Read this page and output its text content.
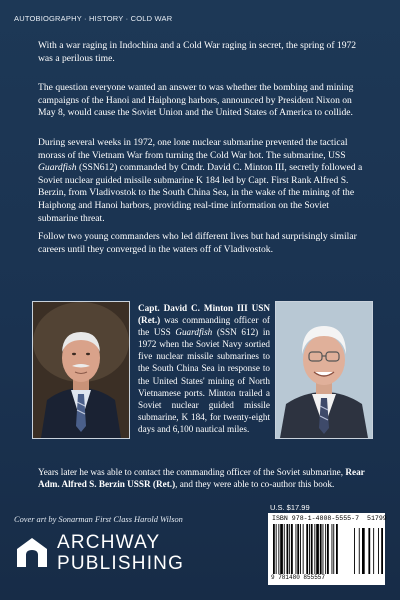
AUTOBIOGRAPHY · HISTORY · COLD WAR

With a war raging in Indochina and a Cold War raging in secret, the spring of 1972 was a perilous time.

The question everyone wanted an answer to was whether the bombing and mining campaigns of the Hanoi and Haiphong harbors, announced by President Nixon on May 8, would cause the Soviet Union and the United States of America to collide.

During several weeks in 1972, one lone nuclear submarine prevented the tactical morass of the Vietnam War from turning the Cold War hot. The submarine, USS Guardfish (SSN612) commanded by Cmdr. David C. Minton III, secretly followed a Soviet nuclear guided missile submarine K 184 led by Capt. First Rank Alfred S. Berzin, from Vladivostok to the South China Sea, in the wake of the mining of the Haiphong and Hanoi harbors, providing real-time information on the Soviet submarine threat.

Follow two young commanders who led different lives but had surprisingly similar careers until they converged in the waters off of Vladivostok.

Capt. David C. Minton III USN (Ret.) was commanding officer of the USS Guardfish (SSN 612) in 1972 when the Soviet Navy sortied five nuclear missile submarines to the South China Sea in response to the United States' mining of North Vietnamese ports. Minton trailed a Soviet nuclear guided missile submarine, K 184, for twenty-eight days and 6,100 nautical miles.

Years later he was able to contact the commanding officer of the Soviet submarine, Rear Adm. Alfred S. Berzin USSR (Ret.), and they were able to co-author this book.

Cover art by Sonarman First Class Harold Wilson
ARCHWAY
PUBLISHING
U.S. $17.99
ISBN 978-1-4808-5555-7 51799
9 781480 855557
